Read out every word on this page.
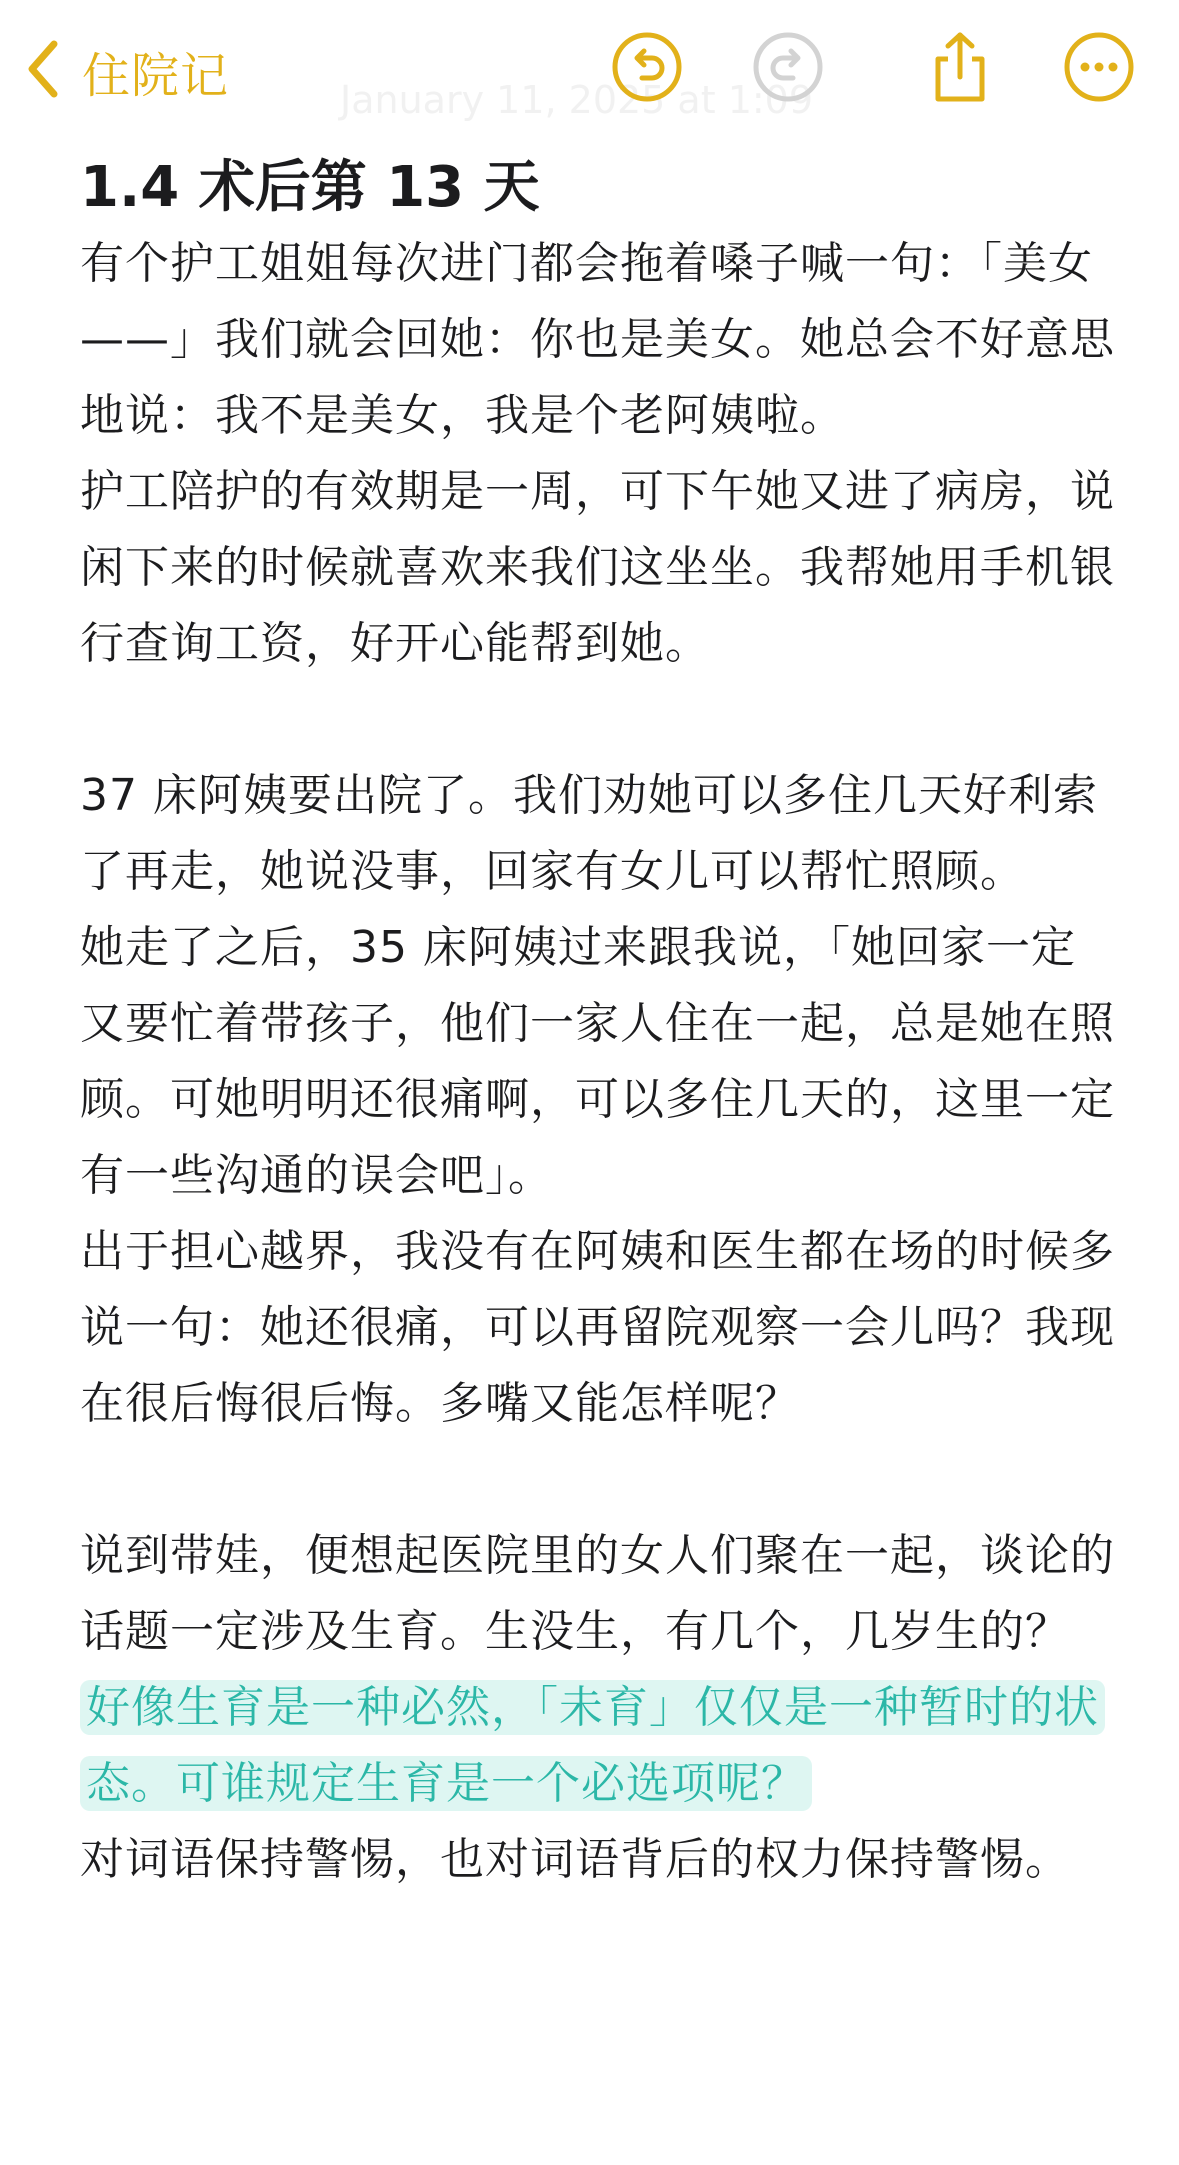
住院记	January 11, 2025 at 1:09
1.4 术后第 13 天

有个护工姐姐每次进门都会拖着嗓子喊一句：「美女——」我们就会回她：你也是美女。她总会不好意思地说：我不是美女，我是个老阿姨啦。

护工陪护的有效期是一周，可下午她又进了病房，说闲下来的时候就喜欢来我们这坐坐。我帮她用手机银行查询工资，好开心能帮到她。

37 床阿姨要出院了。我们劝她可以多住几天好利索了再走，她说没事，回家有女儿可以帮忙照顾。

她走了之后，35 床阿姨过来跟我说，「她回家一定又要忙着带孩子，他们一家人住在一起，总是她在照顾。可她明明还很痛啊，可以多住几天的，这里一定有一些沟通的误会吧」。

出于担心越界，我没有在阿姨和医生都在场的时候多说一句：她还很痛，可以再留院观察一会儿吗？我现在很后悔很后悔。多嘴又能怎样呢？

说到带娃，便想起医院里的女人们聚在一起，谈论的话题一定涉及生育。生没生，有几个，几岁生的？好像生育是一种必然，「未育」仅仅是一种暂时的状态。可谁规定生育是一个必选项呢？

对词语保持警惕，也对词语背后的权力保持警惕。
